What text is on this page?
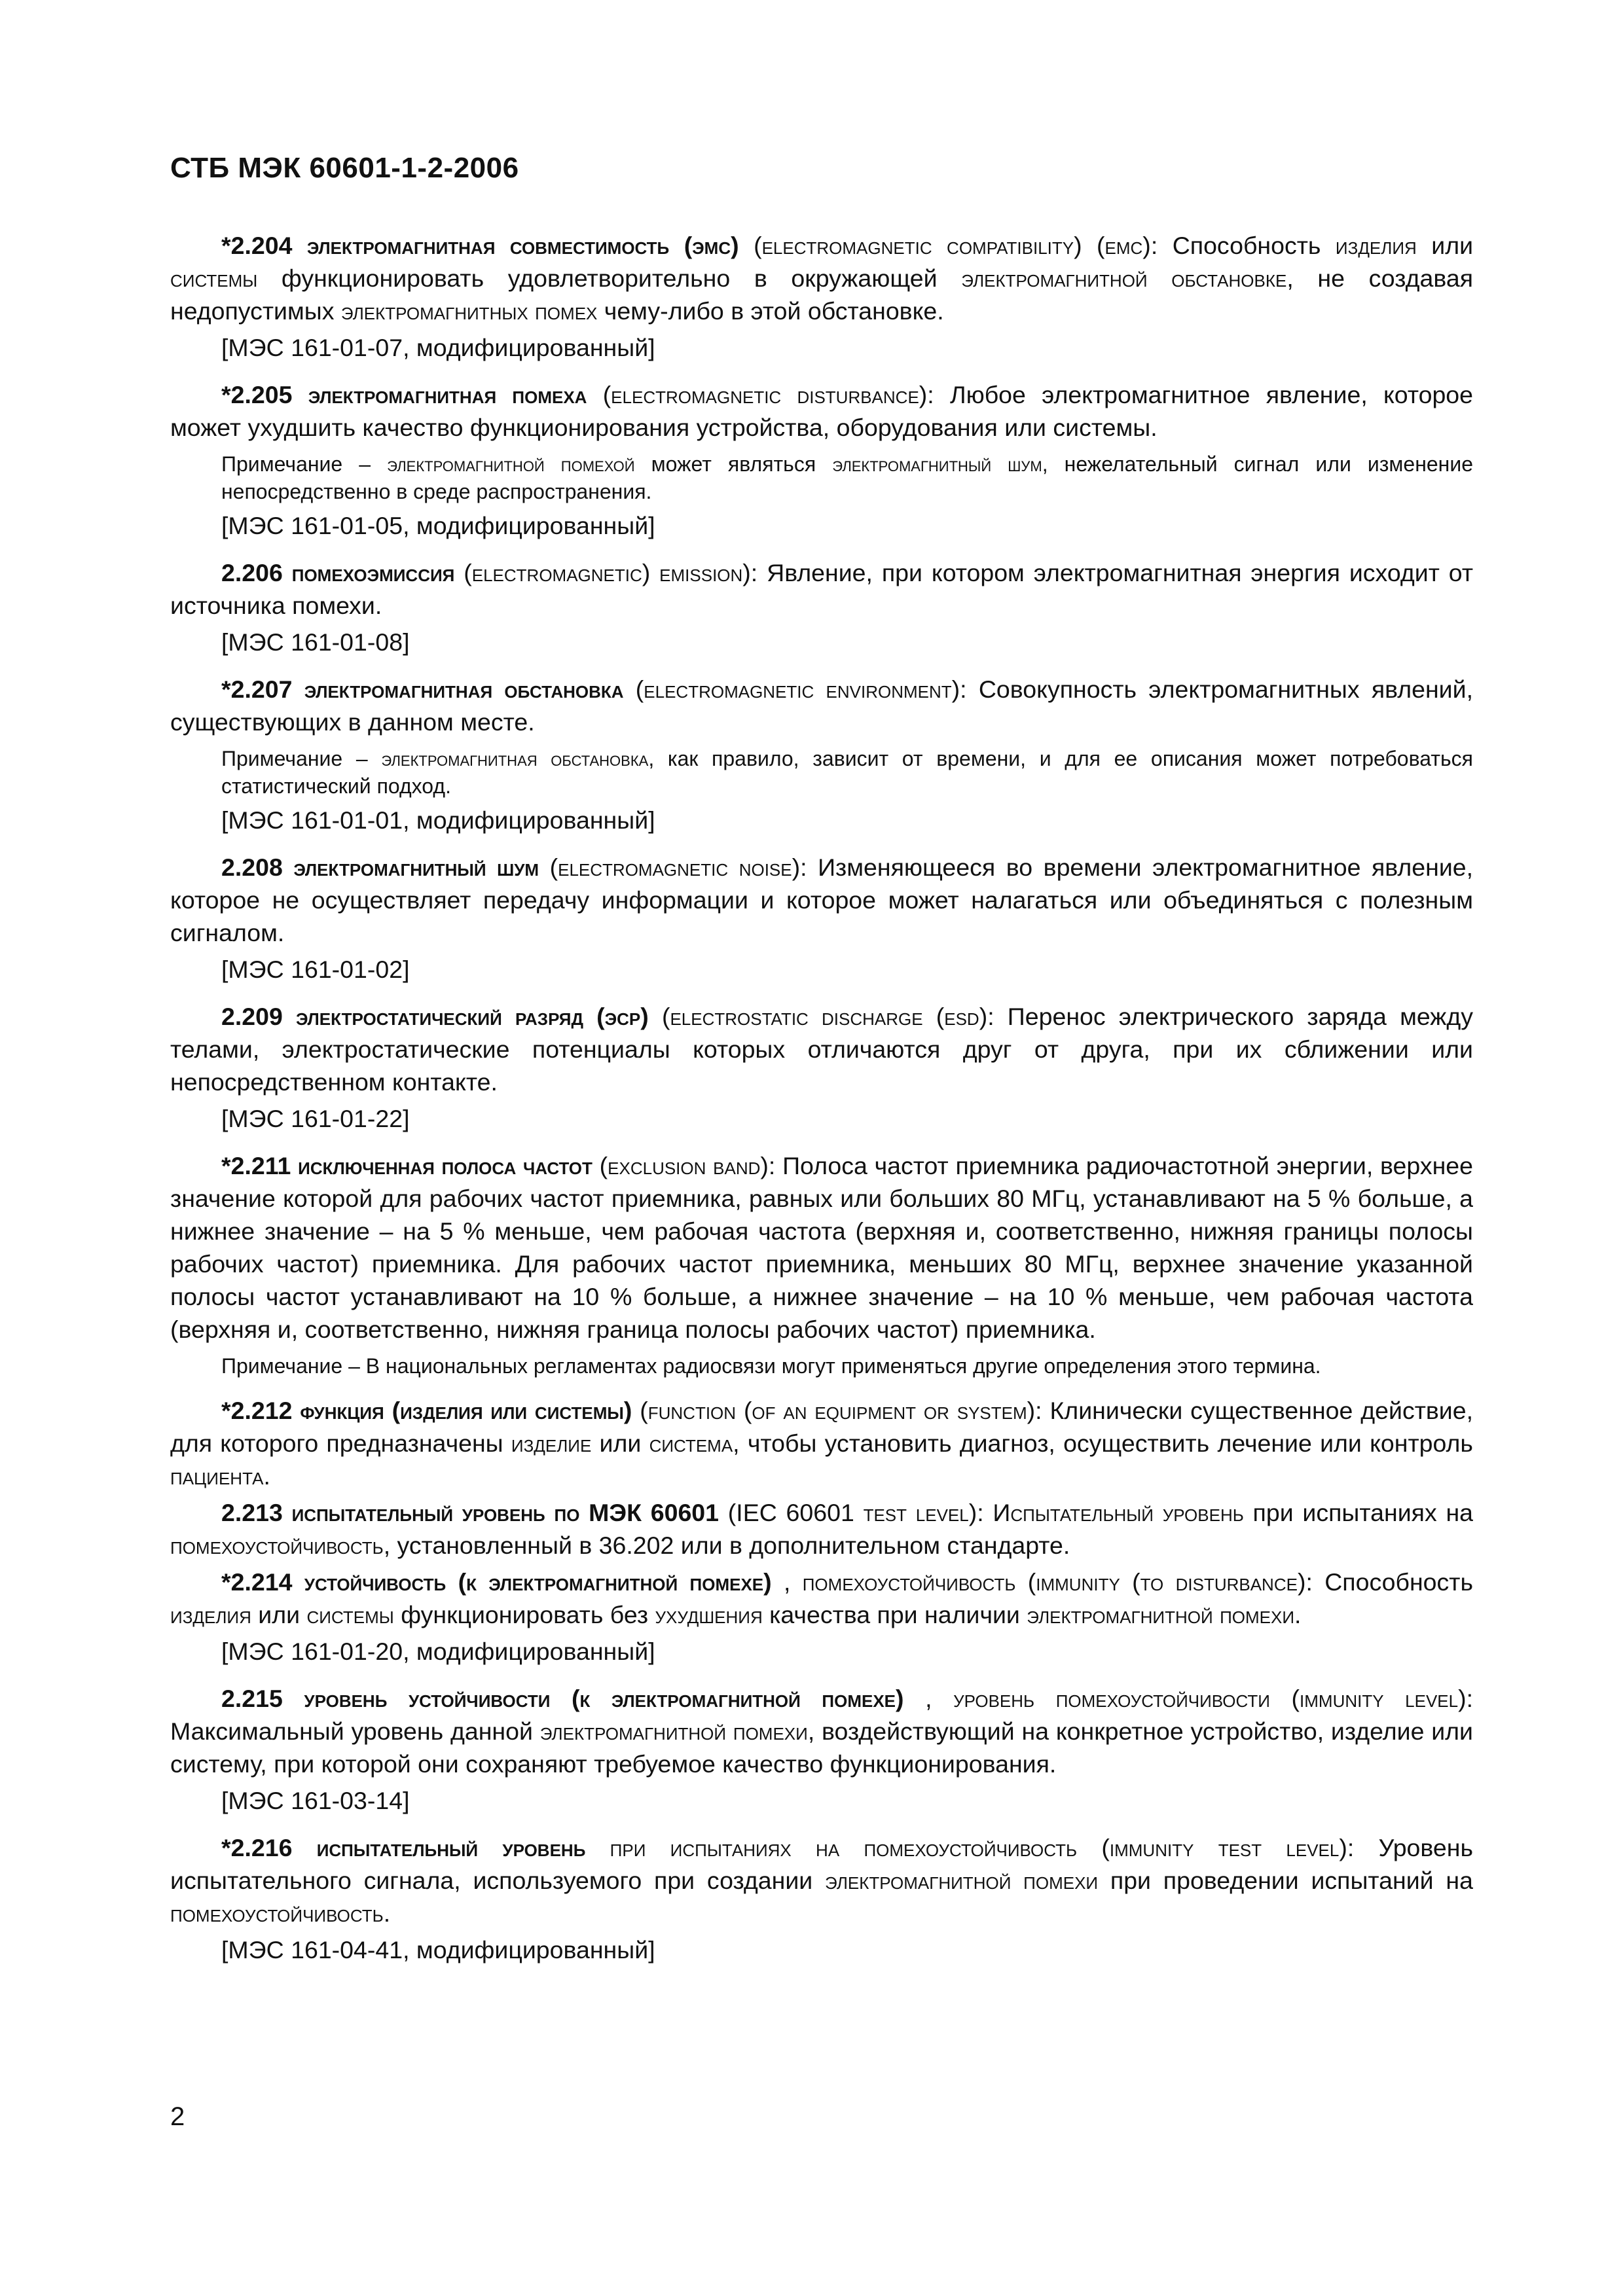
СТБ МЭК 60601-1-2-2006

*2.204 электромагнитная совместимость (эмс) (electromagnetic compatibility) (emc): Способность изделия или системы функционировать удовлетворительно в окружающей электромагнитной обстановке, не создавая недопустимых электромагнитных помех чему-либо в этой обстановке.

[МЭС 161-01-07, модифицированный]

*2.205 электромагнитная помеха (electromagnetic disturbance): Любое электромагнитное явление, которое может ухудшить качество функционирования устройства, оборудования или системы.

Примечание – электромагнитной помехой может являться электромагнитный шум, нежелательный сигнал или изменение непосредственно в среде распространения.
[МЭС 161-01-05, модифицированный]

2.206 помехоэмиссия (electromagnetic) emission): Явление, при котором электромагнитная энергия исходит от источника помехи.

[МЭС 161-01-08]

*2.207 электромагнитная обстановка (electromagnetic environment): Совокупность электромагнитных явлений, существующих в данном месте.

Примечание – электромагнитная обстановка, как правило, зависит от времени, и для ее описания может потребоваться статистический подход.
[МЭС 161-01-01, модифицированный]

2.208 электромагнитный шум (electromagnetic noise): Изменяющееся во времени электромагнитное явление, которое не осуществляет передачу информации и которое может налагаться или объединяться с полезным сигналом.

[МЭС 161-01-02]

2.209 электростатический разряд (эср) (electrostatic discharge (esd): Перенос электрического заряда между телами, электростатические потенциалы которых отличаются друг от друга, при их сближении или непосредственном контакте.

[МЭС 161-01-22]

*2.211 исключенная полоса частот (exclusion band): Полоса частот приемника радиочастотной энергии, верхнее значение которой для рабочих частот приемника, равных или больших 80 МГц, устанавливают на 5 % больше, а нижнее значение – на 5 % меньше, чем рабочая частота (верхняя и, соответственно, нижняя границы полосы рабочих частот) приемника. Для рабочих частот приемника, меньших 80 МГц, верхнее значение указанной полосы частот устанавливают на 10 % больше, а нижнее значение – на 10 % меньше, чем рабочая частота (верхняя и, соответственно, нижняя граница полосы рабочих частот) приемника.

Примечание – В национальных регламентах радиосвязи могут применяться другие определения этого термина.

*2.212 функция (изделия или системы) (function (of an equipment or system): Клинически существенное действие, для которого предназначены изделие или система, чтобы установить диагноз, осуществить лечение или контроль пациента.

2.213 испытательный уровень по МЭК 60601 (IEC 60601 test level): Испытательный уровень при испытаниях на помехоустойчивость, установленный в 36.202 или в дополнительном стандарте.

*2.214 устойчивость (к электромагнитной помехе) , помехоустойчивость (immunity (to disturbance): Способность изделия или системы функционировать без ухудшения качества при наличии электромагнитной помехи.

[МЭС 161-01-20, модифицированный]

2.215 уровень устойчивости (к электромагнитной помехе) , уровень помехоустойчивости (immunity level): Максимальный уровень данной электромагнитной помехи, воздействующий на конкретное устройство, изделие или систему, при которой они сохраняют требуемое качество функционирования.

[МЭС 161-03-14]

*2.216 испытательный уровень при испытаниях на помехоустойчивость (immunity test level): Уровень испытательного сигнала, используемого при создании электромагнитной помехи при проведении испытаний на помехоустойчивость.

[МЭС 161-04-41, модифицированный]
2
